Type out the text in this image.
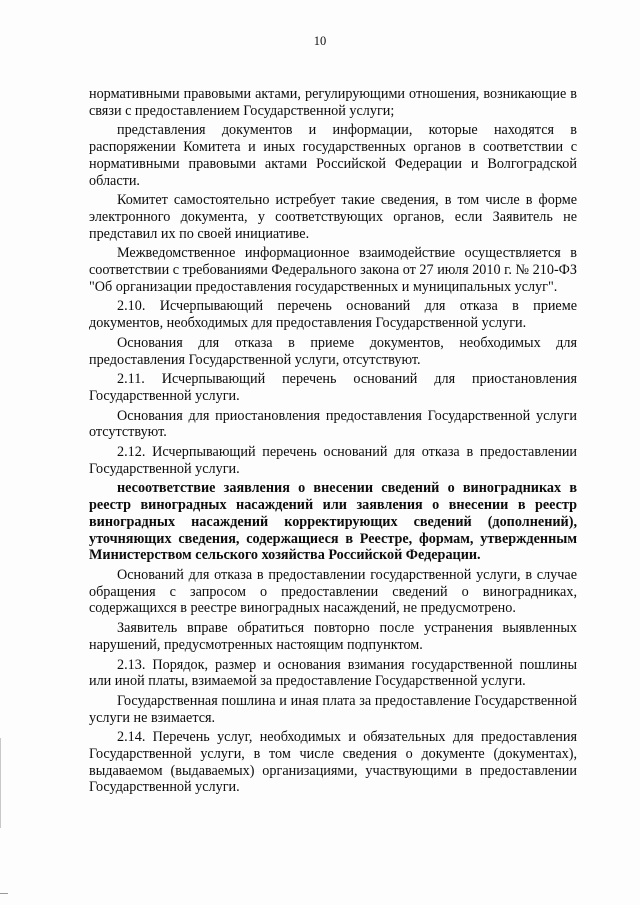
10

нормативными правовыми актами, регулирующими отношения, возникающие в связи с предоставлением Государственной услуги;

представления документов и информации, которые находятся в распоряжении Комитета и иных государственных органов в соответствии с нормативными правовыми актами Российской Федерации и Волгоградской области.

Комитет самостоятельно истребует такие сведения, в том числе в форме электронного документа, у соответствующих органов, если Заявитель не представил их по своей инициативе.

Межведомственное информационное взаимодействие осуществляется в соответствии с требованиями Федерального закона от 27 июля 2010 г. № 210-ФЗ "Об организации предоставления государственных и муниципальных услуг".

2.10. Исчерпывающий перечень оснований для отказа в приеме документов, необходимых для предоставления Государственной услуги.

Основания для отказа в приеме документов, необходимых для предоставления Государственной услуги, отсутствуют.

2.11. Исчерпывающий перечень оснований для приостановления Государственной услуги.

Основания для приостановления предоставления Государственной услуги отсутствуют.

2.12. Исчерпывающий перечень оснований для отказа в предоставлении Государственной услуги.

несоответствие заявления о внесении сведений о виноградниках в реестр виноградных насаждений или заявления о внесении в реестр виноградных насаждений корректирующих сведений (дополнений), уточняющих сведения, содержащиеся в Реестре, формам, утвержденным Министерством сельского хозяйства Российской Федерации.

Оснований для отказа в предоставлении государственной услуги, в случае обращения с запросом о предоставлении сведений о виноградниках, содержащихся в реестре виноградных насаждений, не предусмотрено.

Заявитель вправе обратиться повторно после устранения выявленных нарушений, предусмотренных настоящим подпунктом.

2.13. Порядок, размер и основания взимания государственной пошлины или иной платы, взимаемой за предоставление Государственной услуги.

Государственная пошлина и иная плата за предоставление Государственной услуги не взимается.

2.14. Перечень услуг, необходимых и обязательных для предоставления Государственной услуги, в том числе сведения о документе (документах), выдаваемом (выдаваемых) организациями, участвующими в предоставлении Государственной услуги.
